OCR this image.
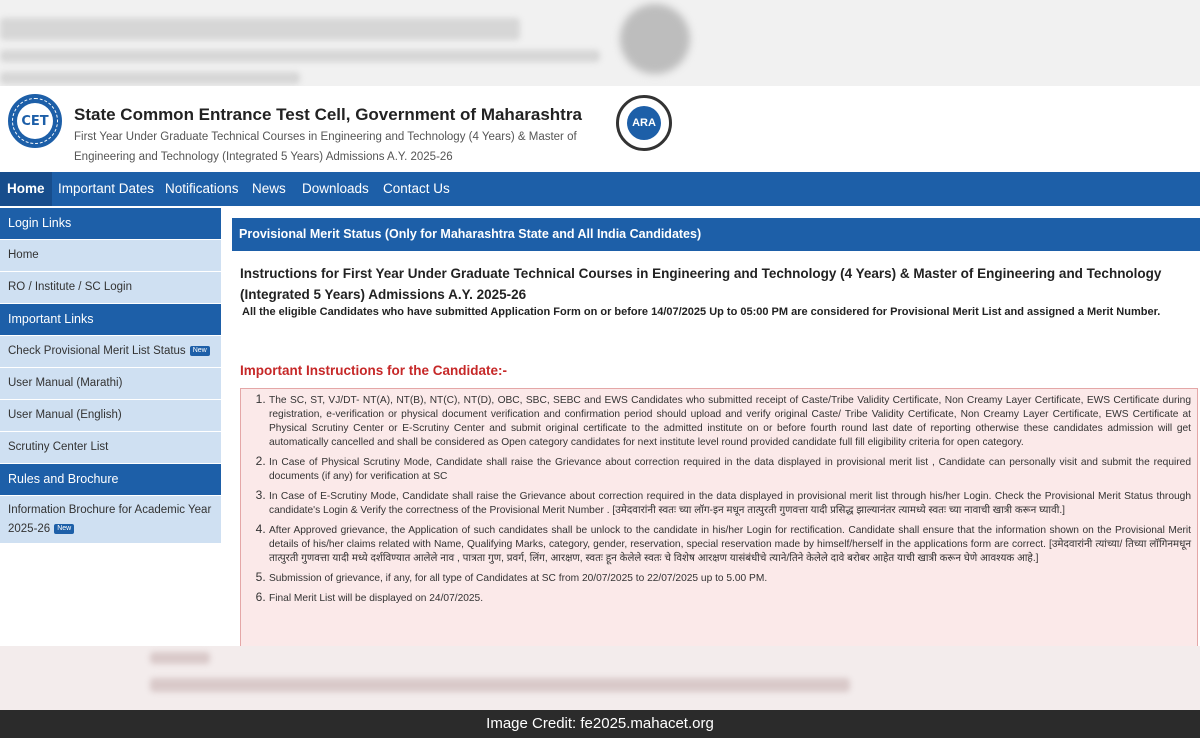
CET State Common Entrance Test Cell, Government of Maharashtra
First Year Under Graduate Technical Courses in Engineering and Technology (4 Years) & Master of Engineering and Technology (Integrated 5 Years) Admissions A.Y. 2025-26
ARA
Home Important Dates Notifications News Downloads Contact Us
Login Links
Home
RO / Institute / SC Login
Important Links
Check Provisional Merit List Status New
User Manual (Marathi)
User Manual (English)
Scrutiny Center List
Rules and Brochure
Information Brochure for Academic Year 2025-26 New
Provisional Merit Status (Only for Maharashtra State and All India Candidates)
Instructions for First Year Under Graduate Technical Courses in Engineering and Technology (4 Years) & Master of Engineering and Technology (Integrated 5 Years) Admissions A.Y. 2025-26
All the eligible Candidates who have submitted Application Form on or before 14/07/2025 Up to 05:00 PM are considered for Provisional Merit List and assigned a Merit Number.
Important Instructions for the Candidate:-
1. The SC, ST, VJ/DT- NT(A), NT(B), NT(C), NT(D), OBC, SBC, SEBC and EWS Candidates who submitted receipt of Caste/Tribe Validity Certificate, Non Creamy Layer Certificate, EWS Certificate during registration, e-verification or physical document verification and confirmation period should upload and verify original Caste/ Tribe Validity Certificate, Non Creamy Layer Certificate, EWS Certificate at Physical Scrutiny Center or E-Scrutiny Center and submit original certificate to the admitted institute on or before fourth round last date of reporting otherwise these candidates admission will get automatically cancelled and shall be considered as Open category candidates for next institute level round provided candidate full fill eligibility criteria for open category.
2. In Case of Physical Scrutiny Mode, Candidate shall raise the Grievance about correction required in the data displayed in provisional merit list , Candidate can personally visit and submit the required documents (if any) for verification at SC
3. In Case of E-Scrutiny Mode, Candidate shall raise the Grievance about correction required in the data displayed in provisional merit list through his/her Login. Check the Provisional Merit Status through candidate's Login & Verify the correctness of the Provisional Merit Number . [उमेदवारांनी स्वतः च्या लॉग-इन मधून तात्पुरती गुणवत्ता यादी प्रसिद्ध झाल्यानंतर त्यामध्ये स्वतः च्या नावाची खात्री करून घ्यावी.]
4. After Approved grievance, the Application of such candidates shall be unlock to the candidate in his/her Login for rectification. Candidate shall ensure that the information shown on the Provisional Merit details of his/her claims related with Name, Qualifying Marks, category, gender, reservation, special reservation made by himself/herself in the applications form are correct. [उमेदवारांनी त्यांच्या/ तिच्या लॉगिनमधून तात्पुरती गुणवत्ता यादी मध्ये दर्शविण्यात आलेले नाव , पात्रता गुण, प्रवर्ग, लिंग, आरक्षण, स्वतः हून केलेले स्वतः चे विशेष आरक्षण यासंबंधीचे त्याने/तिने केलेले दावे बरोबर आहेत याची खात्री करून घेणे आवश्यक आहे.]
5. Submission of grievance, if any, for all type of Candidates at SC from 20/07/2025 to 22/07/2025 up to 5.00 PM.
6. Final Merit List will be displayed on 24/07/2025.
Image Credit: fe2025.mahacet.org
